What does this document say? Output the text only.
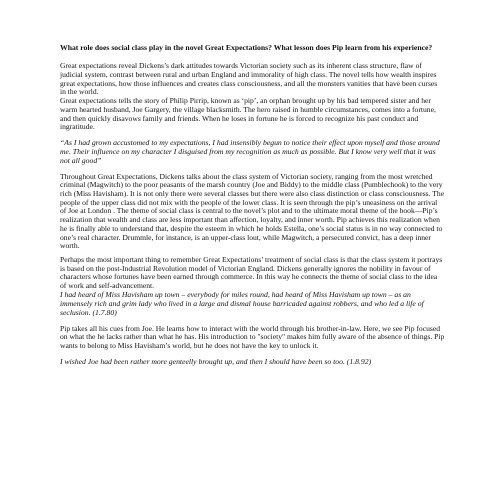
What role does social class play in the novel Great Expectations? What lesson does Pip learn from his experience?

Great expectations reveal Dickens’s dark attitudes towards Victorian society such as its inherent class structure, flaw of judicial system, contrast between rural and urban England and immorality of high class. The novel tells how wealth inspires great expectations, how those influences and creates class consciousness, and all the monsters vanities that have been curses in the world.

Great expectations tells the story of Philip Pirrip, known as ‘pip’, an orphan brought up by his bad tempered sister and her warm hearted husband, Joe Gargery, the village blacksmith. The hero raised in humble circumstances, comes into a fortune, and then quickly disavows family and friends. When he loses in fortune he is forced to recognize his past conduct and ingratitude.

“As I had grown accustomed to my expectations, I had insensibly begun to notice their effect upon myself and those around me. Their influence on my character I disguised from my recognition as much as possible. But I know very well that it was not all good”

Throughout Great Expectations, Dickens talks about the class system of Victorian society, ranging from the most wretched criminal (Magwitch) to the poor peasants of the marsh country (Joe and Biddy) to the middle class (Pumblechook) to the very rich (Miss Havisham). It is not only there were several classes but there were also class distinction or class consciousness. The people of the upper class did not mix with the people of the lower class. It is seen through the pip’s uneasiness on the arrival of Joe at London . The theme of social class is central to the novel’s plot and to the ultimate moral theme of the book—Pip’s realization that wealth and class are less important than affection, loyalty, and inner worth. Pip achieves this realization when he is finally able to understand that, despite the esteem in which he holds Estella, one’s social status is in no way connected to one’s real character. Drummle, for instance, is an upper-class lout, while Magwitch, a persecuted convict, has a deep inner worth.

Perhaps the most important thing to remember Great Expectations’ treatment of social class is that the class system it portrays is based on the post-Industrial Revolution model of Victorian England. Dickens generally ignores the nobility in favour of characters whose fortunes have been earned through commerce. In this way he connects the theme of social class to the idea of work and self-advancement.

I had heard of Miss Havisham up town – everybody for miles round, had heard of Miss Havisham up town – as an immensely rich and grim lady who lived in a large and dismal house barricaded against robbers, and who led a life of seclusion. (1.7.80)

Pip takes all his cues from Joe. He learns how to interact with the world through his brother-in-law. Here, we see Pip focused on what the he lacks rather than what he has. His introduction to "society" makes him fully aware of the absence of things. Pip wants to belong to Miss Havisham’s world, but he does not have the key to unlock it.

I wished Joe had been rather more genteelly brought up, and then I should have been so too. (1.8.92)
